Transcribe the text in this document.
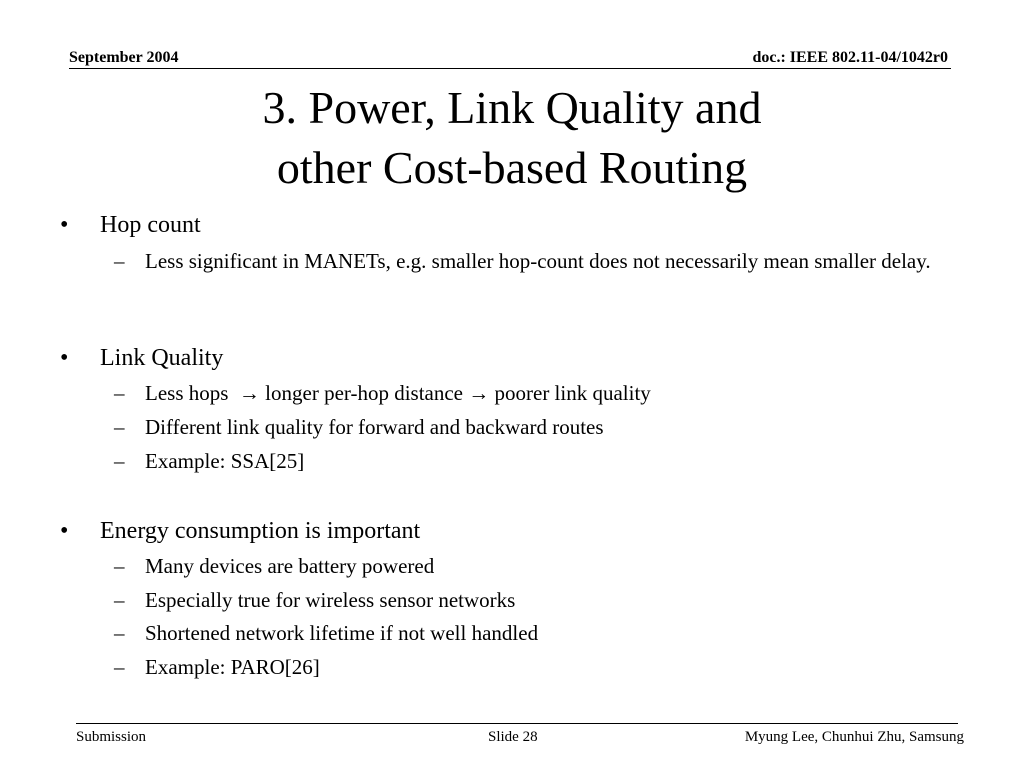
September 2004	doc.: IEEE 802.11-04/1042r0
3. Power, Link Quality and
other Cost-based Routing
• Hop count
– Less significant in MANETs, e.g. smaller hop-count does not necessarily mean smaller delay.
• Link Quality
– Less hops  → longer per-hop distance → poorer link quality
– Different link quality for forward and backward routes
– Example: SSA[25]
• Energy consumption is important
– Many devices are battery powered
– Especially true for wireless sensor networks
– Shortened network lifetime if not well handled
– Example: PARO[26]
Submission	Slide 28	Myung Lee, Chunhui Zhu, Samsung
